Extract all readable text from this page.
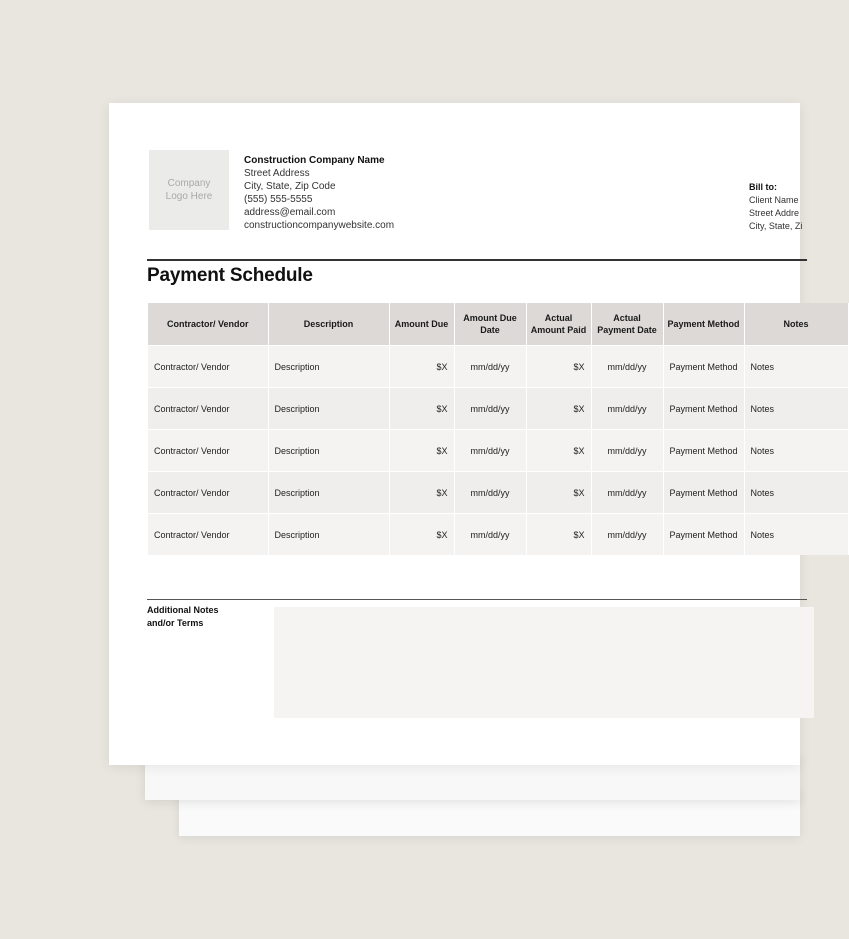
Company Logo Here
Construction Company Name
Street Address
City, State, Zip Code
(555) 555-5555
address@email.com
constructioncompanywebsite.com
Bill to:
Client Name
Street Addre
City, State, Zi
Payment Schedule
Contractor/ Vendor	Description	Amount Due	Amount Due Date	Actual Amount Paid	Actual Payment Date	Payment Method	Notes
Contractor/ Vendor	Description	$X	mm/dd/yy	$X	mm/dd/yy	Payment Method	Notes
Contractor/ Vendor	Description	$X	mm/dd/yy	$X	mm/dd/yy	Payment Method	Notes
Contractor/ Vendor	Description	$X	mm/dd/yy	$X	mm/dd/yy	Payment Method	Notes
Contractor/ Vendor	Description	$X	mm/dd/yy	$X	mm/dd/yy	Payment Method	Notes
Contractor/ Vendor	Description	$X	mm/dd/yy	$X	mm/dd/yy	Payment Method	Notes
Additional Notes
and/or Terms
